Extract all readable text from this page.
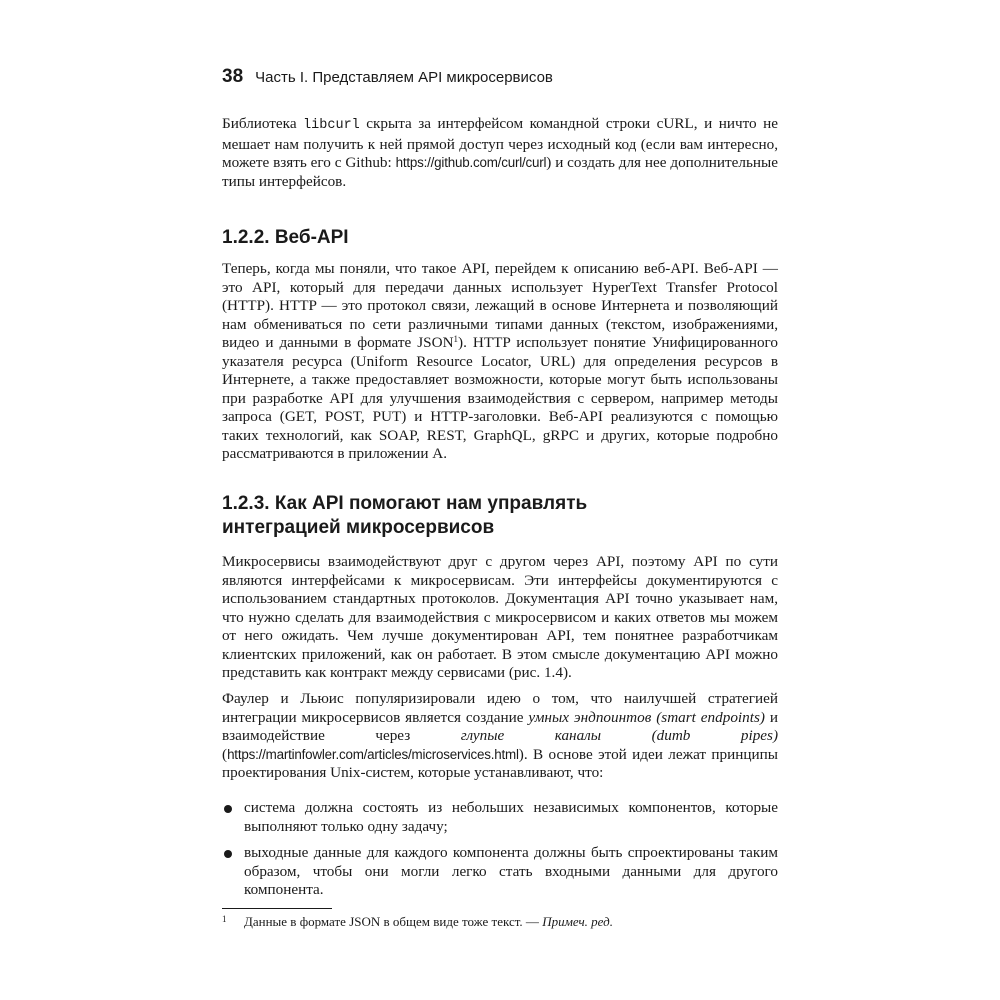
38 Часть I. Представляем API микросервисов

Библиотека libcurl скрыта за интерфейсом командной строки cURL, и ничто не мешает нам получить к ней прямой доступ через исходный код (если вам интересно, можете взять его с Github: https://github.com/curl/curl) и создать для нее дополнительные типы интерфейсов.

1.2.2. Веб-API

Теперь, когда мы поняли, что такое API, перейдем к описанию веб-API. Веб-API — это API, который для передачи данных использует HyperText Transfer Protocol (HTTP). HTTP — это протокол связи, лежащий в основе Интернета и позволяющий нам обмениваться по сети различными типами данных (текстом, изображениями, видео и данными в формате JSON$^1$). HTTP использует понятие Унифицированного указателя ресурса (Uniform Resource Locator, URL) для определения ресурсов в Интернете, а также предоставляет возможности, которые могут быть использованы при разработке API для улучшения взаимодействия с сервером, например методы запроса (GET, POST, PUT) и HTTP-заголовки. Веб-API реализуются с помощью таких технологий, как SOAP, REST, GraphQL, gRPC и других, которые подробно рассматриваются в приложении А.

1.2.3. Как API помогают нам управлять
интеграцией микросервисов

Микросервисы взаимодействуют друг с другом через API, поэтому API по сути являются интерфейсами к микросервисам. Эти интерфейсы документируются с использованием стандартных протоколов. Документация API точно указывает нам, что нужно сделать для взаимодействия с микросервисом и каких ответов мы можем от него ожидать. Чем лучше документирован API, тем понятнее разработчикам клиентских приложений, как он работает. В этом смысле документацию API можно представить как контракт между сервисами (рис. 1.4).

Фаулер и Льюис популяризировали идею о том, что наилучшей стратегией интеграции микросервисов является создание умных эндпоинтов (smart endpoints) и взаимодействие через глупые каналы (dumb pipes) (https://martinfowler.com/articles/microservices.html). В основе этой идеи лежат принципы проектирования Unix-систем, которые устанавливают, что:

система должна состоять из небольших независимых компонентов, которые выполняют только одну задачу;
выходные данные для каждого компонента должны быть спроектированы таким образом, чтобы они могли легко стать входными данными для другого компонента.
1	Данные в формате JSON в общем виде тоже текст. — Примеч. ред.
